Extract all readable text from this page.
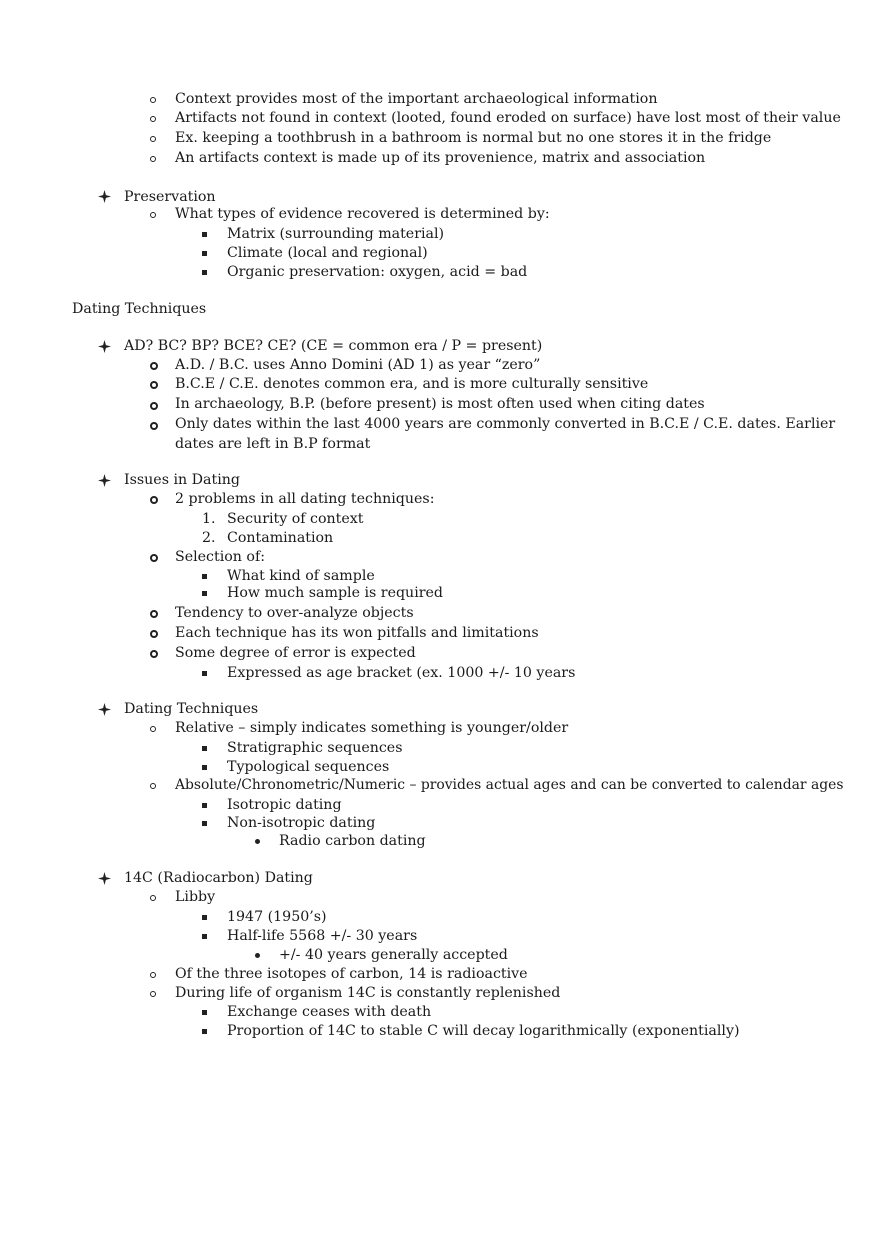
Context provides most of the important archaeological information
Artifacts not found in context (looted, found eroded on surface) have lost most of their value
Ex. keeping a toothbrush in a bathroom is normal but no one stores it in the fridge
An artifacts context is made up of its provenience, matrix and association
Preservation
What types of evidence recovered is determined by:
Matrix (surrounding material)
Climate (local and regional)
Organic preservation: oxygen, acid = bad
Dating Techniques
AD? BC? BP? BCE? CE? (CE = common era / P = present)
A.D. / B.C. uses Anno Domini (AD 1) as year “zero”
B.C.E / C.E. denotes common era, and is more culturally sensitive
In archaeology, B.P. (before present) is most often used when citing dates
Only dates within the last 4000 years are commonly converted in B.C.E / C.E. dates. Earlier
dates are left in B.P format
Issues in Dating
2 problems in all dating techniques:
1. Security of context
2. Contamination
Selection of:
What kind of sample
How much sample is required
Tendency to over-analyze objects
Each technique has its won pitfalls and limitations
Some degree of error is expected
Expressed as age bracket (ex. 1000 +/- 10 years
Dating Techniques
Relative – simply indicates something is younger/older
Stratigraphic sequences
Typological sequences
Absolute/Chronometric/Numeric – provides actual ages and can be converted to calendar ages
Isotropic dating
Non-isotropic dating
Radio carbon dating
14C (Radiocarbon) Dating
Libby
1947 (1950’s)
Half-life 5568 +/- 30 years
+/- 40 years generally accepted
Of the three isotopes of carbon, 14 is radioactive
During life of organism 14C is constantly replenished
Exchange ceases with death
Proportion of 14C to stable C will decay logarithmically (exponentially)
